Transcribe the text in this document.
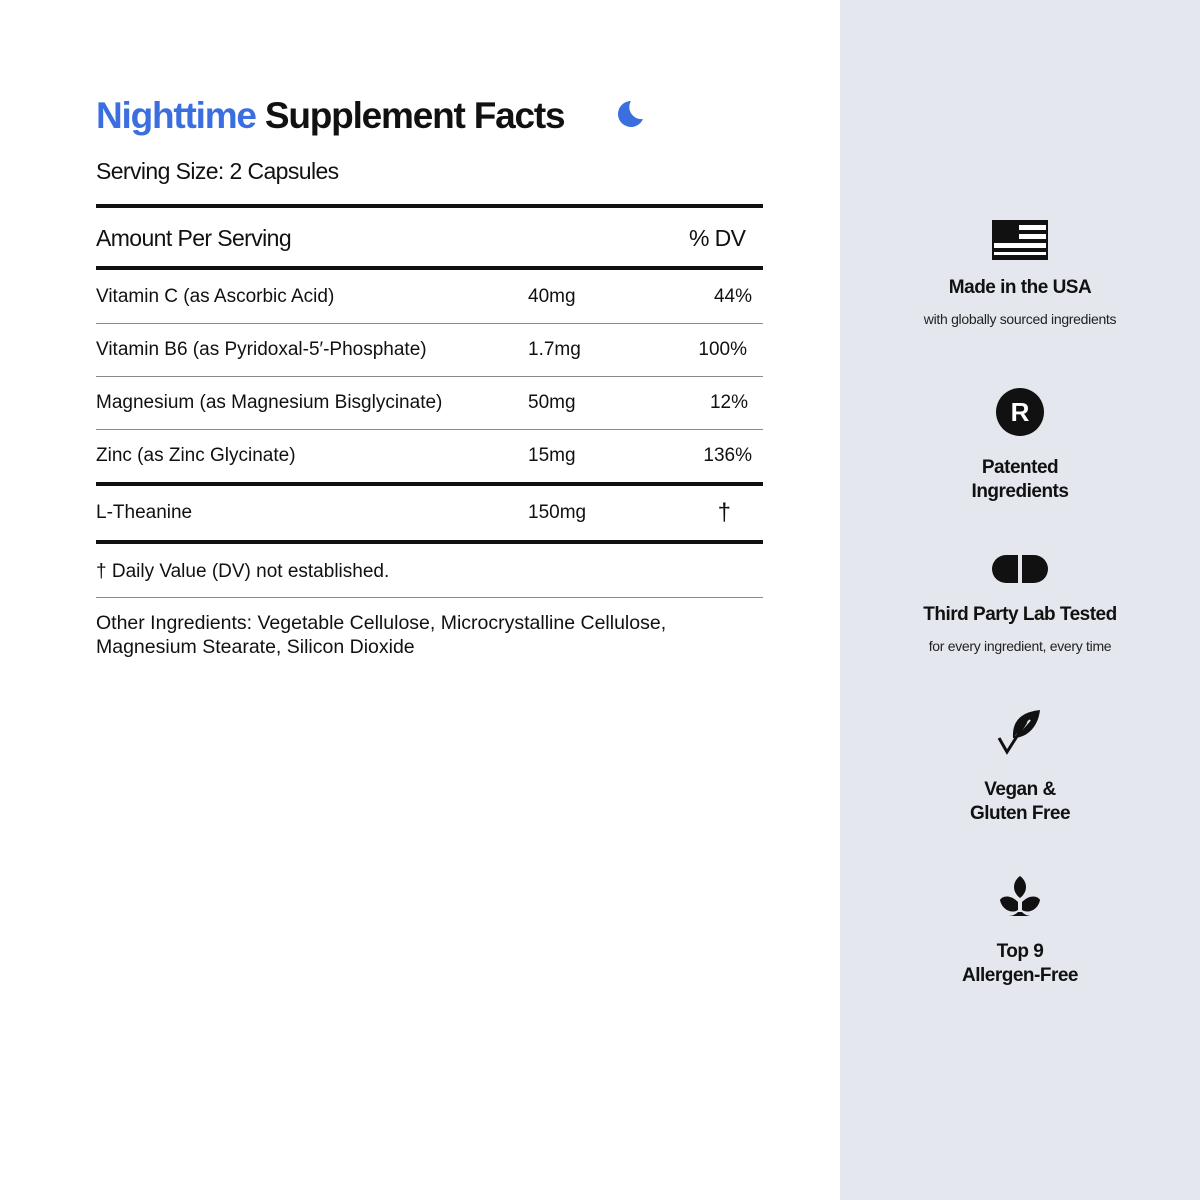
Nighttime Supplement Facts
Serving Size: 2 Capsules
Amount Per Serving	% DV
Vitamin C (as Ascorbic Acid)	40mg	44%
Vitamin B6 (as Pyridoxal-5′-Phosphate)	1.7mg	100%
Magnesium (as Magnesium Bisglycinate)	50mg	12%
Zinc (as Zinc Glycinate)	15mg	136%
L-Theanine	150mg	†
† Daily Value (DV) not established.
Other Ingredients: Vegetable Cellulose, Microcrystalline Cellulose, Magnesium Stearate, Silicon Dioxide
Made in the USA
with globally sourced ingredients
R
Patented
Ingredients
Third Party Lab Tested
for every ingredient, every time
Vegan &
Gluten Free
Top 9
Allergen-Free
